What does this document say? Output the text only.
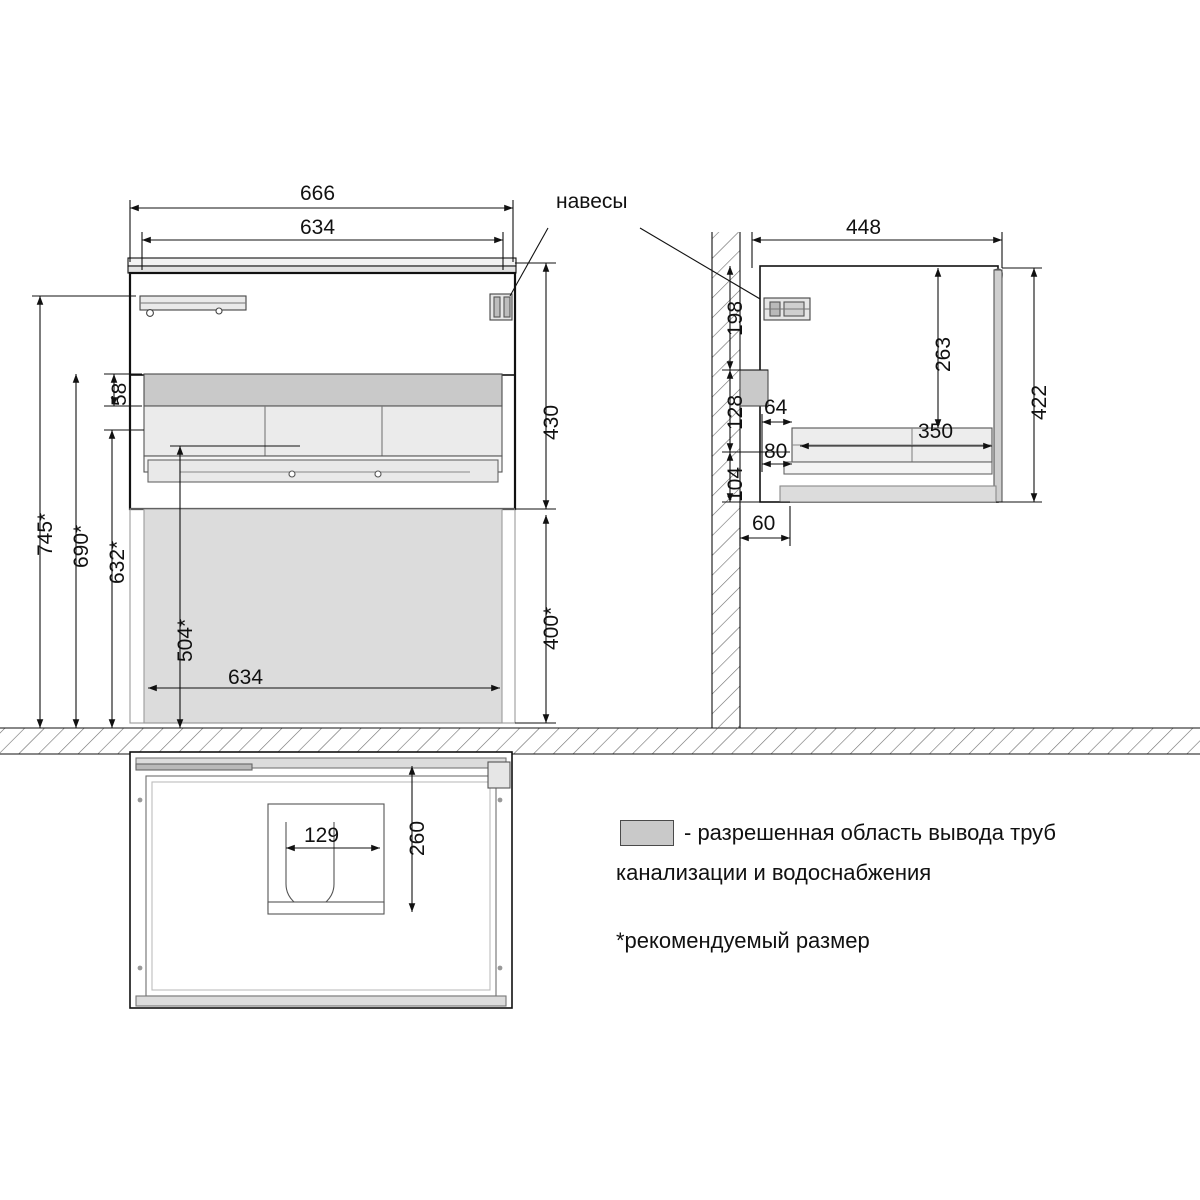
666
634
634
навесы
430
400*
58
745* 690* 632*
504*
448
198
263
422
128
104
64
80
350
60
129	260	- разрешенная область вывода труб
канализации и водоснабжения
*рекомендуемый размер
